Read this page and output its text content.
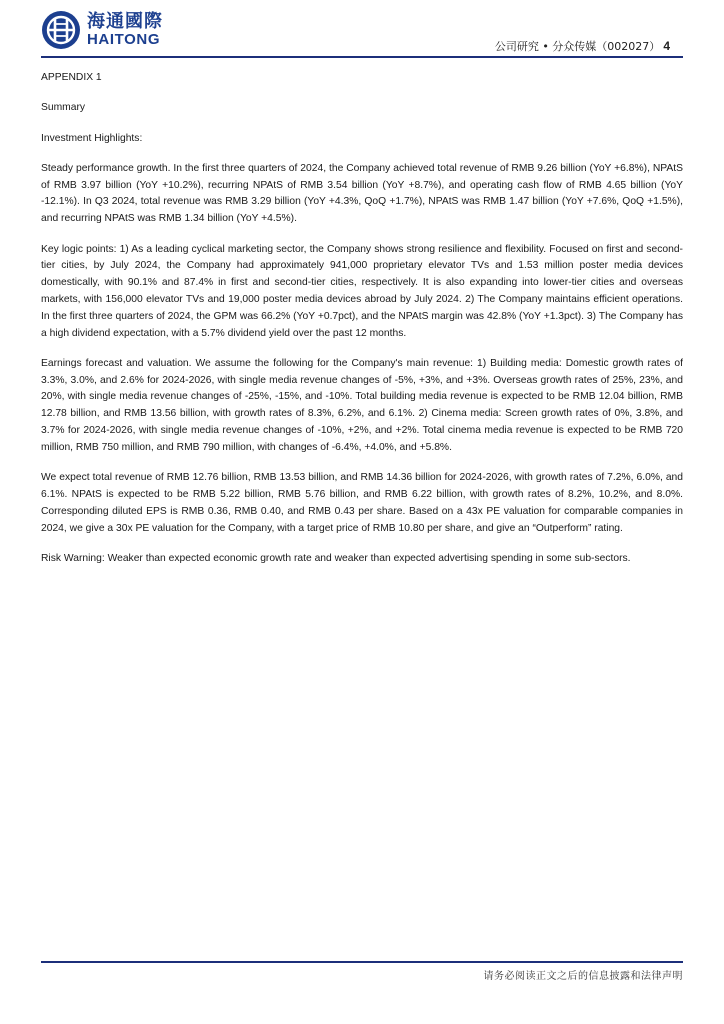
海通國際
HAITONG	公司研究 • 分众传媒（002027） 4

APPENDIX 1

Summary

Investment Highlights:

Steady performance growth. In the first three quarters of 2024, the Company achieved total revenue of RMB 9.26 billion (YoY +6.8%), NPAtS of RMB 3.97 billion (YoY +10.2%), recurring NPAtS of RMB 3.54 billion (YoY +8.7%), and operating cash flow of RMB 4.65 billion (YoY -12.1%). In Q3 2024, total revenue was RMB 3.29 billion (YoY +4.3%, QoQ +1.7%), NPAtS was RMB 1.47 billion (YoY +7.6%, QoQ +1.5%), and recurring NPAtS was RMB 1.34 billion (YoY +4.5%).

Key logic points: 1) As a leading cyclical marketing sector, the Company shows strong resilience and flexibility. Focused on first and second-tier cities, by July 2024, the Company had approximately 941,000 proprietary elevator TVs and 1.53 million poster media devices domestically, with 90.1% and 87.4% in first and second-tier cities, respectively. It is also expanding into lower-tier cities and overseas markets, with 156,000 elevator TVs and 19,000 poster media devices abroad by July 2024. 2) The Company maintains efficient operations. In the first three quarters of 2024, the GPM was 66.2% (YoY +0.7pct), and the NPAtS margin was 42.8% (YoY +1.3pct). 3) The Company has a high dividend expectation, with a 5.7% dividend yield over the past 12 months.

Earnings forecast and valuation. We assume the following for the Company's main revenue: 1) Building media: Domestic growth rates of 3.3%, 3.0%, and 2.6% for 2024-2026, with single media revenue changes of -5%, +3%, and +3%. Overseas growth rates of 25%, 23%, and 20%, with single media revenue changes of -25%, -15%, and -10%. Total building media revenue is expected to be RMB 12.04 billion, RMB 12.78 billion, and RMB 13.56 billion, with growth rates of 8.3%, 6.2%, and 6.1%. 2) Cinema media: Screen growth rates of 0%, 3.8%, and 3.7% for 2024-2026, with single media revenue changes of -10%, +2%, and +2%. Total cinema media revenue is expected to be RMB 720 million, RMB 750 million, and RMB 790 million, with changes of -6.4%, +4.0%, and +5.8%.

We expect total revenue of RMB 12.76 billion, RMB 13.53 billion, and RMB 14.36 billion for 2024-2026, with growth rates of 7.2%, 6.0%, and 6.1%. NPAtS is expected to be RMB 5.22 billion, RMB 5.76 billion, and RMB 6.22 billion, with growth rates of 8.2%, 10.2%, and 8.0%. Corresponding diluted EPS is RMB 0.36, RMB 0.40, and RMB 0.43 per share. Based on a 43x PE valuation for comparable companies in 2024, we give a 30x PE valuation for the Company, with a target price of RMB 10.80 per share, and give an “Outperform” rating.

Risk Warning: Weaker than expected economic growth rate and weaker than expected advertising spending in some sub-sectors.

请务必阅读正文之后的信息披露和法律声明
